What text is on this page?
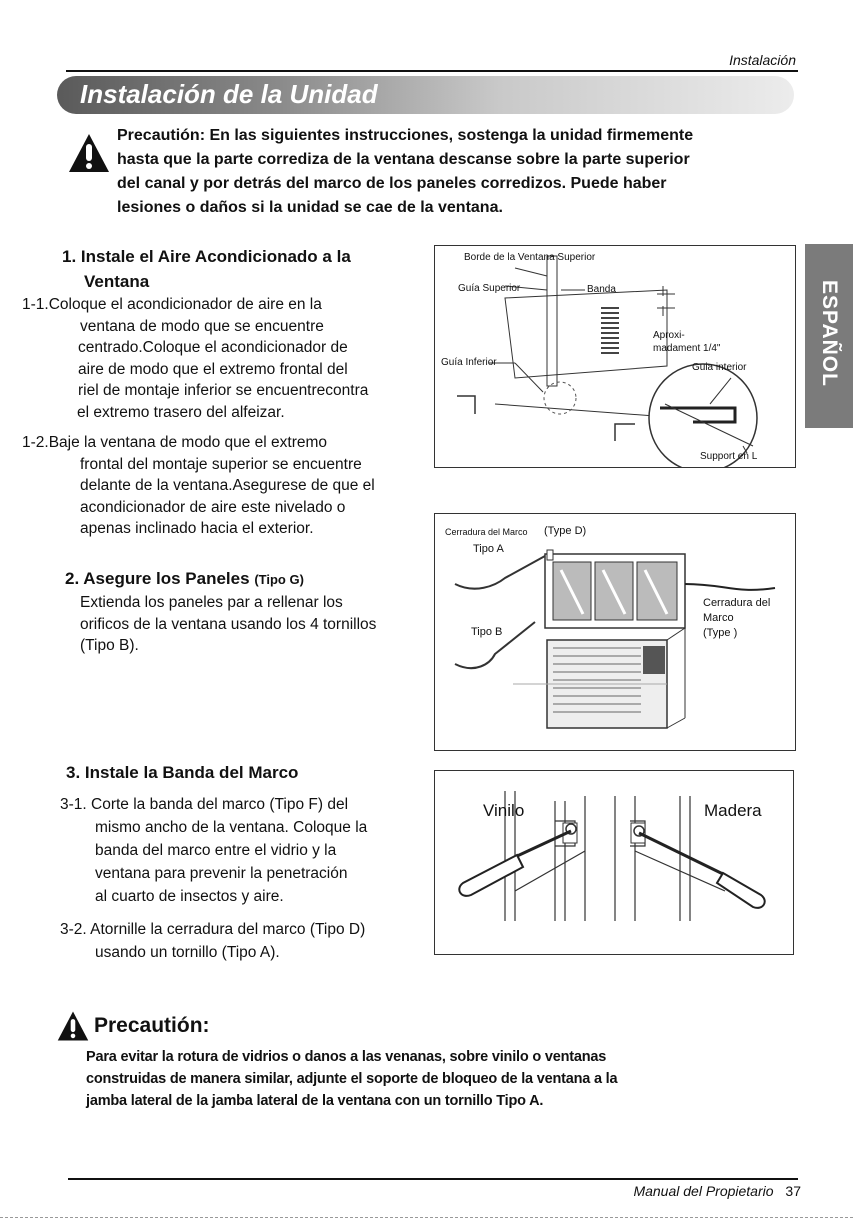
Instalación
Instalación de la Unidad
ESPAÑOL
Precautión: En las siguientes instrucciones, sostenga la unidad firmemente
hasta que la parte corrediza de la ventana descanse sobre la parte superior
del canal y por detrás del marco de los paneles corredizos. Puede haber
lesiones o daños si la unidad se cae de la ventana.
1. Instale el Aire Acondicionado a la
Ventana
1-1.Coloque el acondicionador de aire en la
ventana de modo que se encuentre
centrado.Coloque el acondicionador de
aire de modo que el extremo frontal del
riel de montaje inferior se encuentrecontra
el extremo trasero del alfeizar.
1-2.Baje la ventana de modo que el extremo
frontal del montaje superior se encuentre
delante de la ventana.Asegurese de que el
acondicionador de aire este nivelado o
apenas inclinado hacia el exterior.
2. Asegure los Paneles (Tipo G)
Extienda los paneles par a rellenar los
orificos de la ventana usando los 4 tornillos
(Tipo B).
3. Instale la Banda del Marco
3-1. Corte la banda del marco (Tipo F) del
mismo ancho de la ventana. Coloque la
banda del marco entre el vidrio y la
ventana para prevenir la penetración
al cuarto de insectos y aire.
3-2. Atornille la cerradura del marco (Tipo D)
usando un tornillo (Tipo A).
Borde de la Ventana Superior
Guía Superior	Banda
Aproxi-
madament 1/4"
Guía Inferior	Guia interior
Support en L
Cerradura del Marco (Type D)
Tipo A
Tipo B
Cerradura del
Marco
(Type )
Vinilo	Madera
Precautión:
Para evitar la rotura de vidrios o danos a las venanas, sobre vinilo o ventanas
construidas de manera similar, adjunte el soporte de bloqueo de la ventana a la
jamba lateral de la jamba lateral de la ventana con un tornillo Tipo A.
Manual del Propietario 37
